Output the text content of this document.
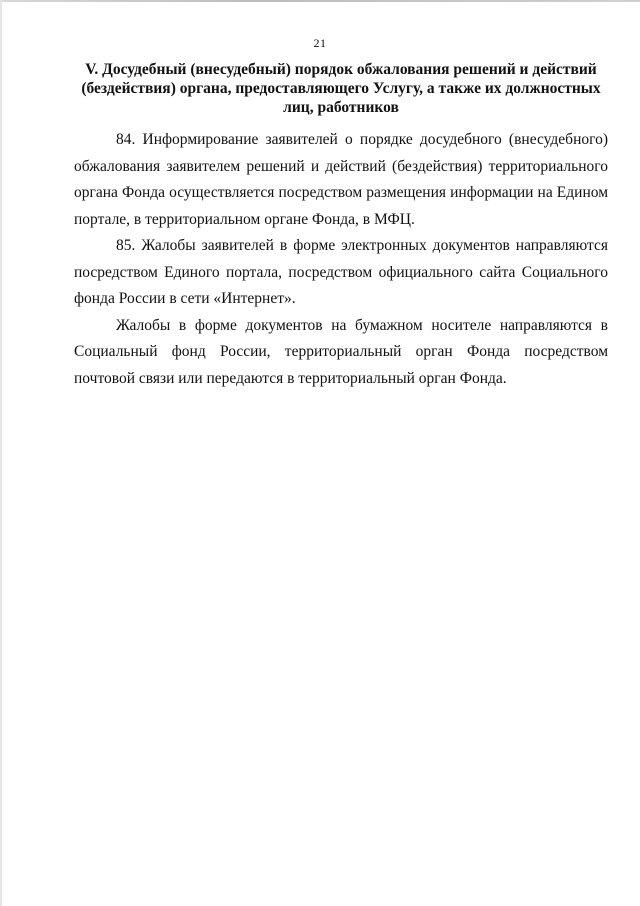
21
V. Досудебный (внесудебный) порядок обжалования решений и действий (бездействия) органа, предоставляющего Услугу, а также их должностных лиц, работников

84. Информирование заявителей о порядке досудебного (внесудебного) обжалования заявителем решений и действий (бездействия) территориального органа Фонда осуществляется посредством размещения информации на Едином портале, в территориальном органе Фонда, в МФЦ.

85. Жалобы заявителей в форме электронных документов направляются посредством Единого портала, посредством официального сайта Социального фонда России в сети «Интернет».

Жалобы в форме документов на бумажном носителе направляются в Социальный фонд России, территориальный орган Фонда посредством почтовой связи или передаются в территориальный орган Фонда.
